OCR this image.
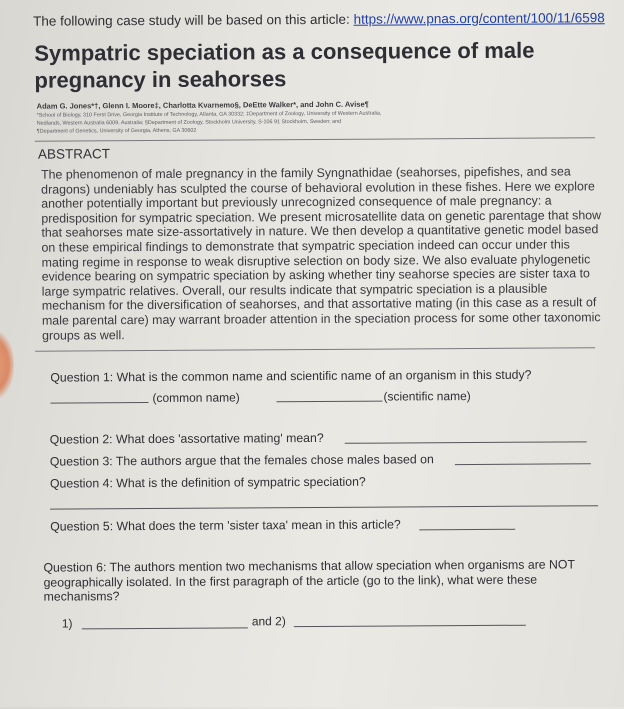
The following case study will be based on this article: https://www.pnas.org/content/100/11/6598
Sympatric speciation as a consequence of male pregnancy in seahorses
Adam G. Jones*†, Glenn I. Moore‡, Charlotta Kvarnemo§, DeEtte Walker*, and John C. Avise¶
*School of Biology, 310 Ferst Drive, Georgia Institute of Technology, Atlanta, GA 30332; ‡Department of Zoology, University of Western Australia,
Nedlands, Western Australia 6009, Australia; §Department of Zoology, Stockholm University, S-106 91 Stockholm, Sweden; and
¶Department of Genetics, University of Georgia, Athens, GA 30602
ABSTRACT
The phenomenon of male pregnancy in the family Syngnathidae (seahorses, pipefishes, and sea dragons) undeniably has sculpted the course of behavioral evolution in these fishes. Here we explore another potentially important but previously unrecognized consequence of male pregnancy: a predisposition for sympatric speciation. We present microsatellite data on genetic parentage that show that seahorses mate size-assortatively in nature. We then develop a quantitative genetic model based on these empirical findings to demonstrate that sympatric speciation indeed can occur under this mating regime in response to weak disruptive selection on body size. We also evaluate phylogenetic evidence bearing on sympatric speciation by asking whether tiny seahorse species are sister taxa to large sympatric relatives. Overall, our results indicate that sympatric speciation is a plausible mechanism for the diversification of seahorses, and that assortative mating (in this case as a result of male parental care) may warrant broader attention in the speciation process for some other taxonomic groups as well.
Question 1: What is the common name and scientific name of an organism in this study?
(common name)	(scientific name)
Question 2: What does 'assortative mating' mean?
Question 3: The authors argue that the females chose males based on
Question 4: What is the definition of sympatric speciation?
Question 5: What does the term 'sister taxa' mean in this article?
Question 6: The authors mention two mechanisms that allow speciation when organisms are NOT geographically isolated. In the first paragraph of the article (go to the link), what were these mechanisms?
1)	and 2)
